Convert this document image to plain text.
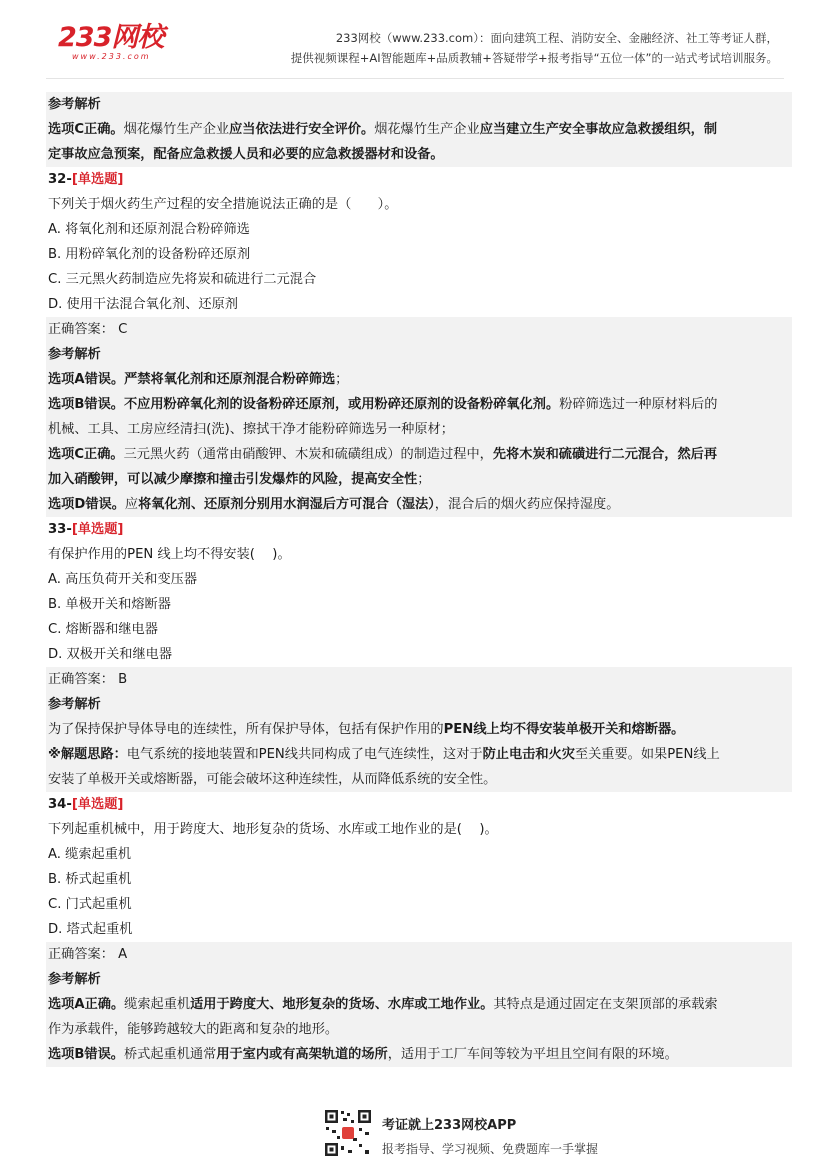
233网校
www.233.com
233网校（www.233.com）：面向建筑工程、消防安全、金融经济、社工等考证人群，
提供视频课程+AI智能题库+品质教辅+答疑带学+报考指导“五位一体”的一站式考试培训服务。
参考解析
选项C正确。烟花爆竹生产企业应当依法进行安全评价。烟花爆竹生产企业应当建立生产安全事故应急救援组织，制
定事故应急预案，配备应急救援人员和必要的应急救援器材和设备。
32-[单选题]
下列关于烟火药生产过程的安全措施说法正确的是（　　）。
A. 将氧化剂和还原剂混合粉碎筛选
B. 用粉碎氧化剂的设备粉碎还原剂
C. 三元黑火药制造应先将炭和硫进行二元混合
D. 使用干法混合氧化剂、还原剂
正确答案： C
参考解析
选项A错误。严禁将氧化剂和还原剂混合粉碎筛选；
选项B错误。不应用粉碎氧化剂的设备粉碎还原剂，或用粉碎还原剂的设备粉碎氧化剂。粉碎筛选过一种原材料后的
机械、工具、工房应经清扫(洗)、擦拭干净才能粉碎筛选另一种原材；
选项C正确。三元黑火药（通常由硝酸钾、木炭和硫磺组成）的制造过程中，先将木炭和硫磺进行二元混合，然后再
加入硝酸钾，可以减少摩擦和撞击引发爆炸的风险，提高安全性；
选项D错误。应将氧化剂、还原剂分别用水润湿后方可混合（湿法），混合后的烟火药应保持湿度。
33-[单选题]
有保护作用的PEN 线上均不得安装(　 )。
A. 高压负荷开关和变压器
B. 单极开关和熔断器
C. 熔断器和继电器
D. 双极开关和继电器
正确答案： B
参考解析
为了保持保护导体导电的连续性，所有保护导体，包括有保护作用的PEN线上均不得安装单极开关和熔断器。
※解题思路：电气系统的接地装置和PEN线共同构成了电气连续性，这对于防止电击和火灾至关重要。如果PEN线上
安装了单极开关或熔断器，可能会破坏这种连续性，从而降低系统的安全性。
34-[单选题]
下列起重机械中，用于跨度大、地形复杂的货场、水库或工地作业的是(　 )。
A. 缆索起重机
B. 桥式起重机
C. 门式起重机
D. 塔式起重机
正确答案： A
参考解析
选项A正确。缆索起重机适用于跨度大、地形复杂的货场、水库或工地作业。其特点是通过固定在支架顶部的承载索
作为承载件，能够跨越较大的距离和复杂的地形。
选项B错误。桥式起重机通常用于室内或有高架轨道的场所，适用于工厂车间等较为平坦且空间有限的环境。
考证就上233网校APP
报考指导、学习视频、免费题库一手掌握
